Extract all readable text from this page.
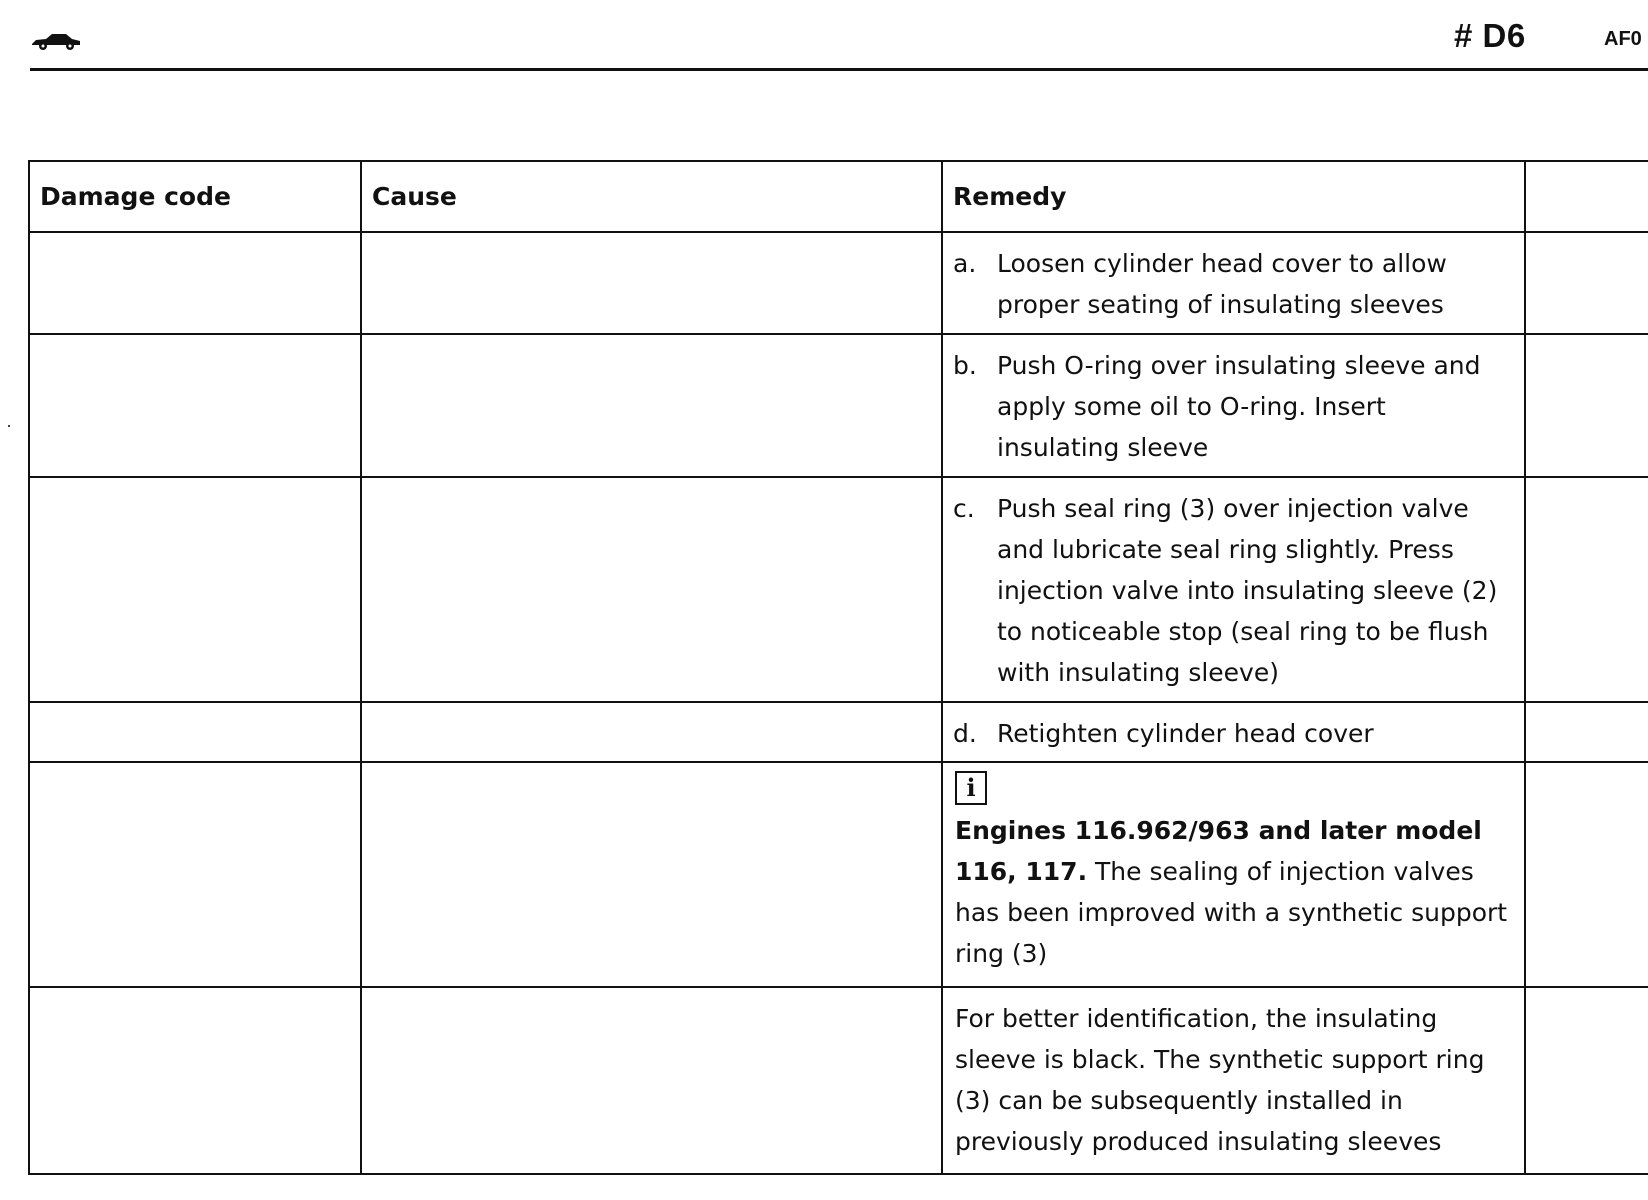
# D6	AF0
Damage code	Cause	Remedy	

		a. Loosen cylinder head cover to allow proper seating of insulating sleeves	

		b. Push O-ring over insulating sleeve and apply some oil to O-ring. Insert insulating sleeve	

		c. Push seal ring (3) over injection valve and lubricate seal ring slightly. Press injection valve into insulating sleeve (2) to noticeable stop (seal ring to be flush with insulating sleeve)	

		d. Retighten cylinder head cover	

		i
Engines 116.962/963 and later model 116, 117. The sealing of injection valves has been improved with a synthetic support ring (3)	

		For better identification, the insulating sleeve is black. The synthetic support ring (3) can be subsequently installed in previously produced insulating sleeves	
